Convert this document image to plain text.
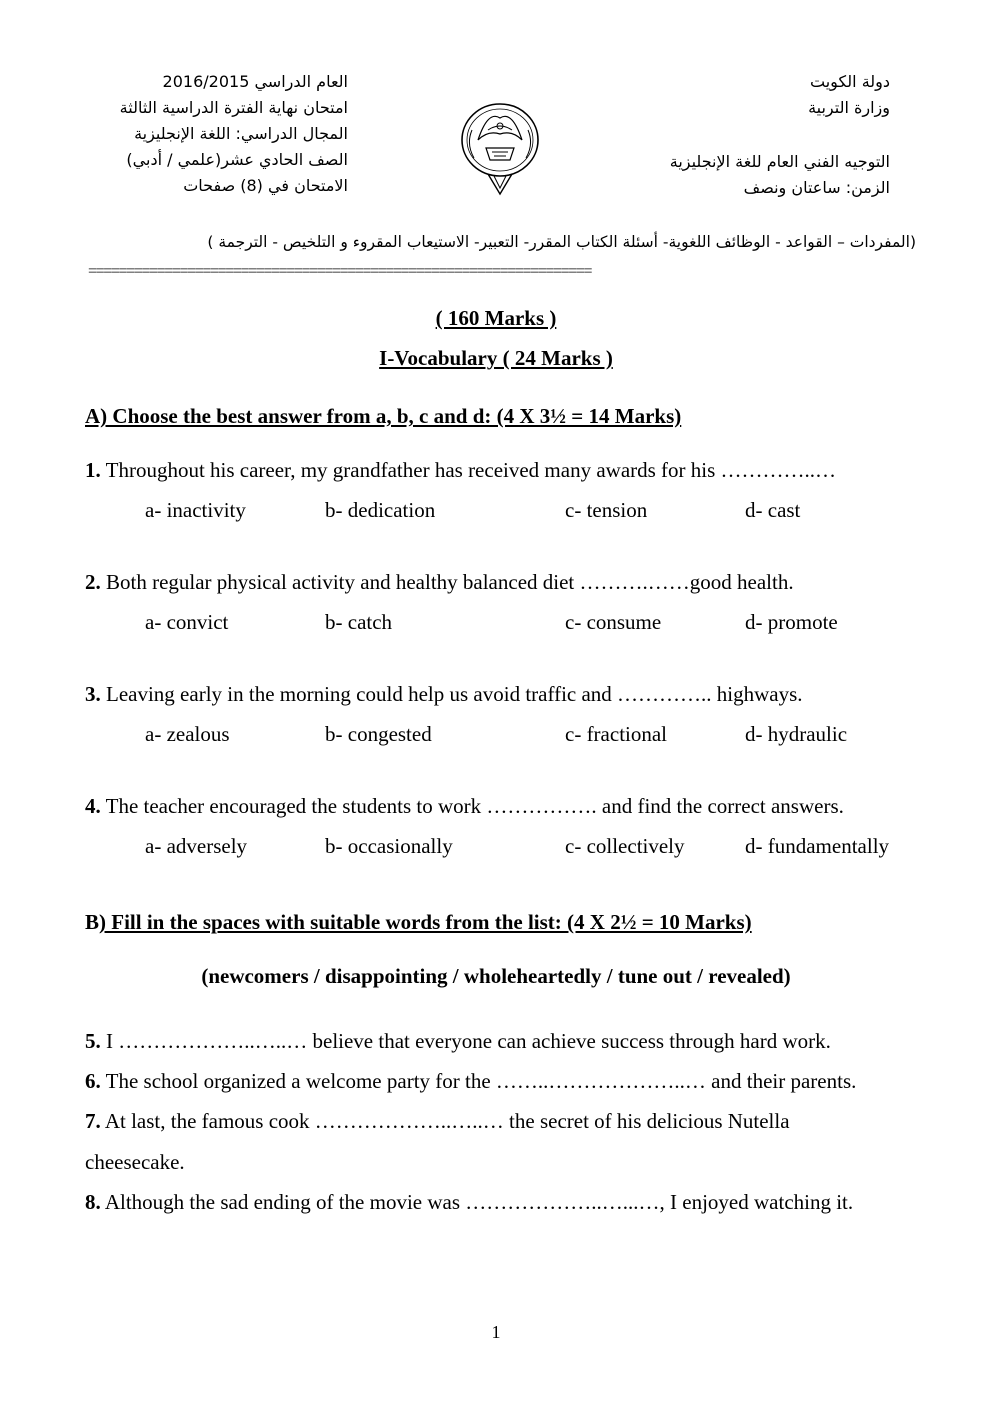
العام الدراسي 2016/2015
امتحان نهاية الفترة الدراسية الثالثة
المجال الدراسي: اللغة الإنجليزية
الصف الحادي عشر(علمي / أدبي)
الامتحان في (8) صفحات
دولة الكويت
وزارة التربية
التوجيه الفني العام للغة الإنجليزية
الزمن: ساعتان ونصف
(المفردات – القواعد - الوظائف اللغوية- أسئلة الكتاب المقرر- التعبير- الاستيعاب المقروء و التلخيص - الترجمة )
==================================================================
( 160 Marks )
I-Vocabulary ( 24 Marks )
A) Choose the best answer from a, b, c and d: (4 X 3½ = 14 Marks)
1. Throughout his career, my grandfather has received many awards for his …………..…
a- inactivity	b- dedication	c- tension	d- cast
2. Both regular physical activity and healthy balanced diet ……….……good health.
a- convict	b- catch	c- consume	d- promote
3. Leaving early in the morning could help us avoid traffic and ………….. highways.
a- zealous	b- congested	c- fractional	d- hydraulic
4. The teacher encouraged the students to work ……………. and find the correct answers.
a- adversely	b- occasionally	c- collectively	d- fundamentally
B) Fill in the spaces with suitable words from the list: (4 X 2½ = 10 Marks)
(newcomers / disappointing / wholeheartedly / tune out / revealed)
5. I ………………..…..… believe that everyone can achieve success through hard work.
6. The school organized a welcome party for the ……..………………..… and their parents.
7. At last, the famous cook ………………..…..… the secret of his delicious Nutella
cheesecake.
8. Although the sad ending of the movie was ………………..…...…, I enjoyed watching it.
1
